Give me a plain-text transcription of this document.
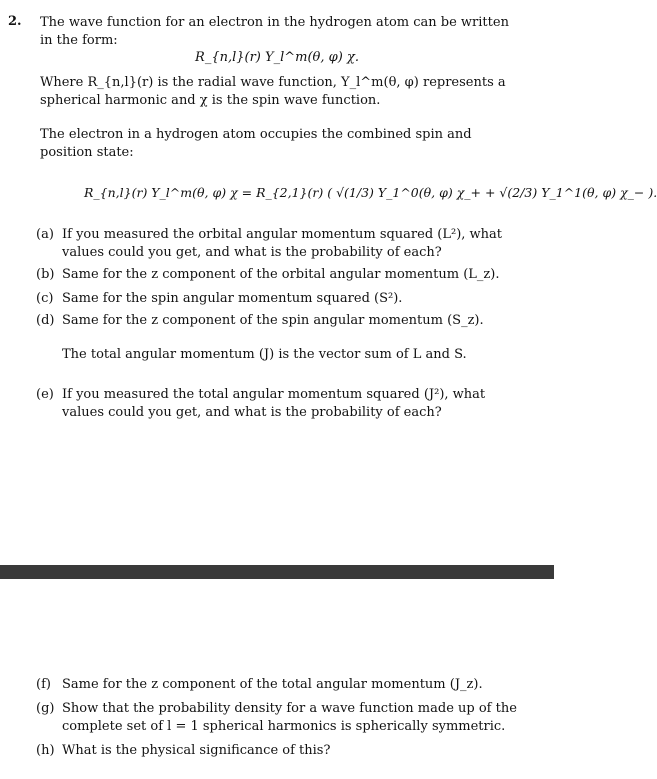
2. The wave function for an electron in the hydrogen atom can be written in the form:
R_{n,l}(r) Y_l^m(θ, φ) χ.
Where R_{n,l}(r) is the radial wave function, Y_l^m(θ, φ) represents a spherical harmonic and χ is the spin wave function.
The electron in a hydrogen atom occupies the combined spin and position state:
R_{n,l}(r) Y_l^m(θ, φ) χ = R_{2,1}(r) ( √(1/3) Y_1^0(θ, φ) χ_+ + √(2/3) Y_1^1(θ, φ) χ_− ).
(a) If you measured the orbital angular momentum squared (L²), what values could you get, and what is the probability of each?
(b) Same for the z component of the orbital angular momentum (L_z).
(c) Same for the spin angular momentum squared (S²).
(d) Same for the z component of the spin angular momentum (S_z).
The total angular momentum (J) is the vector sum of L and S.
(e) If you measured the total angular momentum squared (J²), what values could you get, and what is the probability of each?
(f) Same for the z component of the total angular momentum (J_z).
(g) Show that the probability density for a wave function made up of the complete set of l = 1 spherical harmonics is spherically symmetric.
(h) What is the physical significance of this?
